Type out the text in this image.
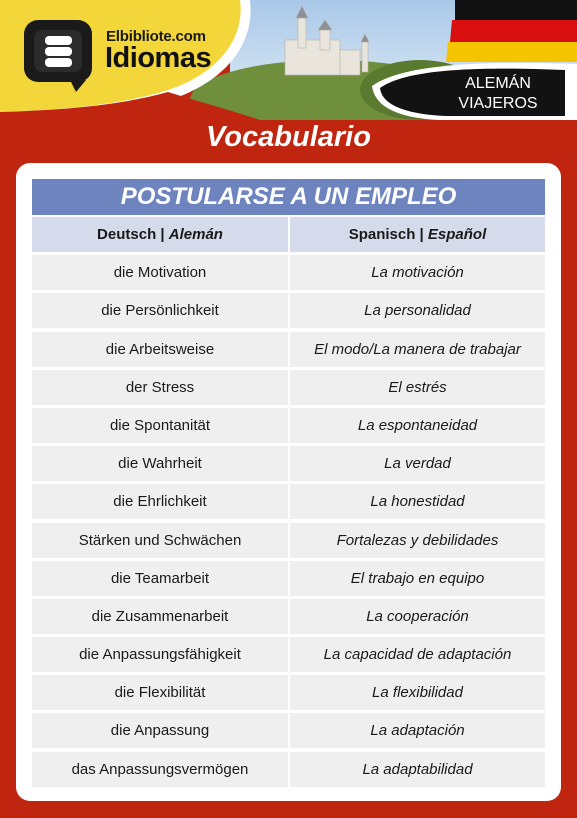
Elbibliote.com
Idiomas
ALEMÁN
VIAJEROS
Vocabulario
POSTULARSE A UN EMPLEO
Deutsch | Alemán	Spanisch | Español
die Motivation	La motivación
die Persönlichkeit	La personalidad
die Arbeitsweise	El modo/La manera de trabajar
der Stress	El estrés
die Spontanität	La espontaneidad
die Wahrheit	La verdad
die Ehrlichkeit	La honestidad
Stärken und Schwächen	Fortalezas y debilidades
die Teamarbeit	El trabajo en equipo
die Zusammenarbeit	La cooperación
die Anpassungsfähigkeit	La capacidad de adaptación
die Flexibilität	La flexibilidad
die Anpassung	La adaptación
das Anpassungsvermögen	La adaptabilidad
